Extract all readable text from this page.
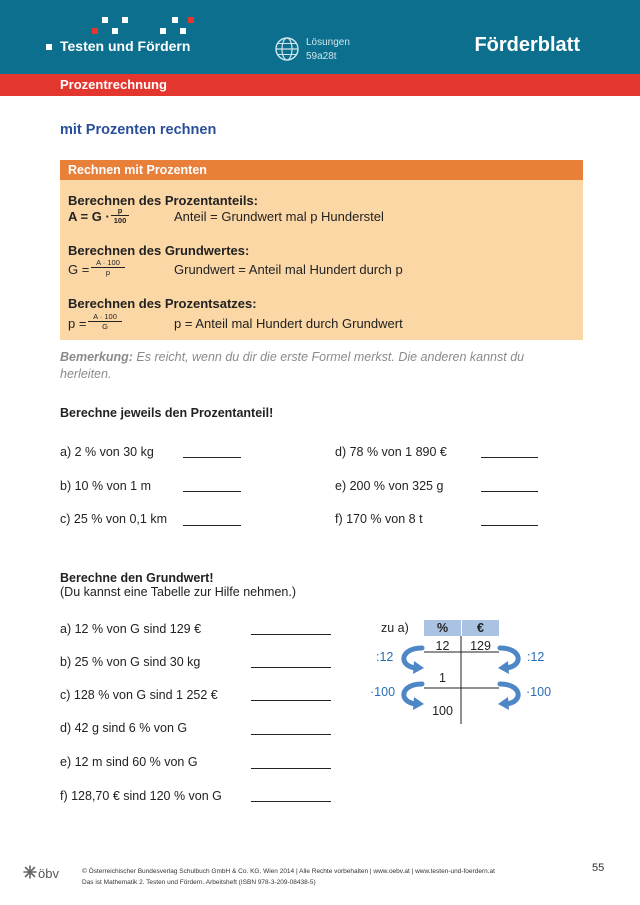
Testen und Fördern	Lösungen
59a28t
Förderblatt
Prozentrechnung
mit Prozenten rechnen
Rechnen mit Prozenten
Berechnen des Prozentanteils:
$A = G \cdot \frac{p}{100}$	Anteil = Grundwert mal p Hunderstel
Berechnen des Grundwertes:
$G = \frac{A \cdot 100}{p}$	Grundwert = Anteil mal Hundert durch p
Berechnen des Prozentsatzes:
$p = \frac{A \cdot 100}{G}$	p = Anteil mal Hundert durch Grundwert
Bemerkung: Es reicht, wenn du dir die erste Formel merkst. Die anderen kannst du herleiten.
Berechne jeweils den Prozentanteil!
a) 2 % von 30 kg
b) 10 % von 1 m
c) 25 % von 0,1 km
d) 78 % von 1 890 €
e) 200 % von 325 g
f) 170 % von 8 t
Berechne den Grundwert!
(Du kannst eine Tabelle zur Hilfe nehmen.)
a) 12 % von G sind 129 €
b) 25 % von G sind 30 kg
c) 128 % von G sind 1 252 €
d) 42 g sind 6 % von G
e) 12 m sind 60 % von G
f) 128,70 € sind 120 % von G
zu a)	%	€
12	129
1
100
:12	:12
·100	·100
öbv	© Österreichischer Bundesverlag Schulbuch GmbH & Co. KG, Wien 2014 | Alle Rechte vorbehalten | www.oebv.at | www.testen-und-foerdern.at
Das ist Mathematik 2. Testen und Fördern. Arbeitsheft (ISBN 978-3-209-08438-5)
55
